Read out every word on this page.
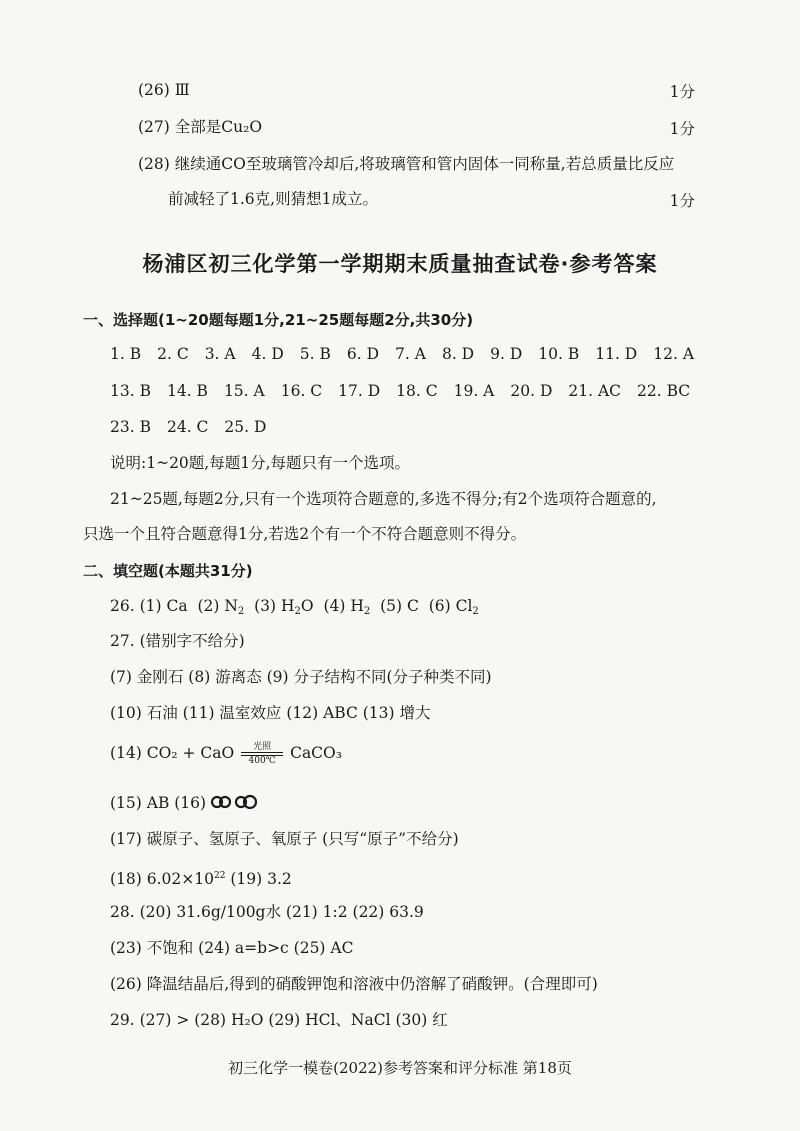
(26) Ⅲ	1分
(27) 全部是Cu₂O	1分
(28) 继续通CO至玻璃管冷却后,将玻璃管和管内固体一同称量,若总质量比反应
前减轻了1.6克,则猜想1成立。	1分
杨浦区初三化学第一学期期末质量抽查试卷·参考答案
一、选择题(1~20题每题1分,21~25题每题2分,共30分)
1. B 2. C 3. A 4. D 5. B 6. D 7. A 8. D 9. D 10. B 11. D 12. A
13. B 14. B 15. A 16. C 17. D 18. C 19. A 20. D 21. AC 22. BC
23. B 24. C 25. D
说明:1~20题,每题1分,每题只有一个选项。
21~25题,每题2分,只有一个选项符合题意的,多选不得分;有2个选项符合题意的,
只选一个且符合题意得1分,若选2个有一个不符合题意则不得分。
二、填空题(本题共31分)
26. (1) Ca (2) $N_2$ (3) $H_2O$  (4) $H_2$ (5) C (6) $Cl_2$
27. (错别字不给分)
(7) 金刚石 (8) 游离态 (9) 分子结构不同(分子种类不同)
(10) 石油 (11) 温室效应 (12) ABC (13) 增大
(14) CO₂ + CaO	光照
400℃ CaCO₃
(15) AB (16)
(17) 碳原子、氢原子、氧原子 (只写“原子”不给分)
(18) $6.02\times 10^{22}$ (19) 3.2
28. (20) 31.6g/100g水 (21) 1:2 (22) 63.9
(23) 不饱和 (24) a=b>c (25) AC
(26) 降温结晶后,得到的硝酸钾饱和溶液中仍溶解了硝酸钾。(合理即可)
29. (27) > (28) H₂O (29) HCl、NaCl (30) 红
初三化学一模卷(2022)参考答案和评分标准 第18页
